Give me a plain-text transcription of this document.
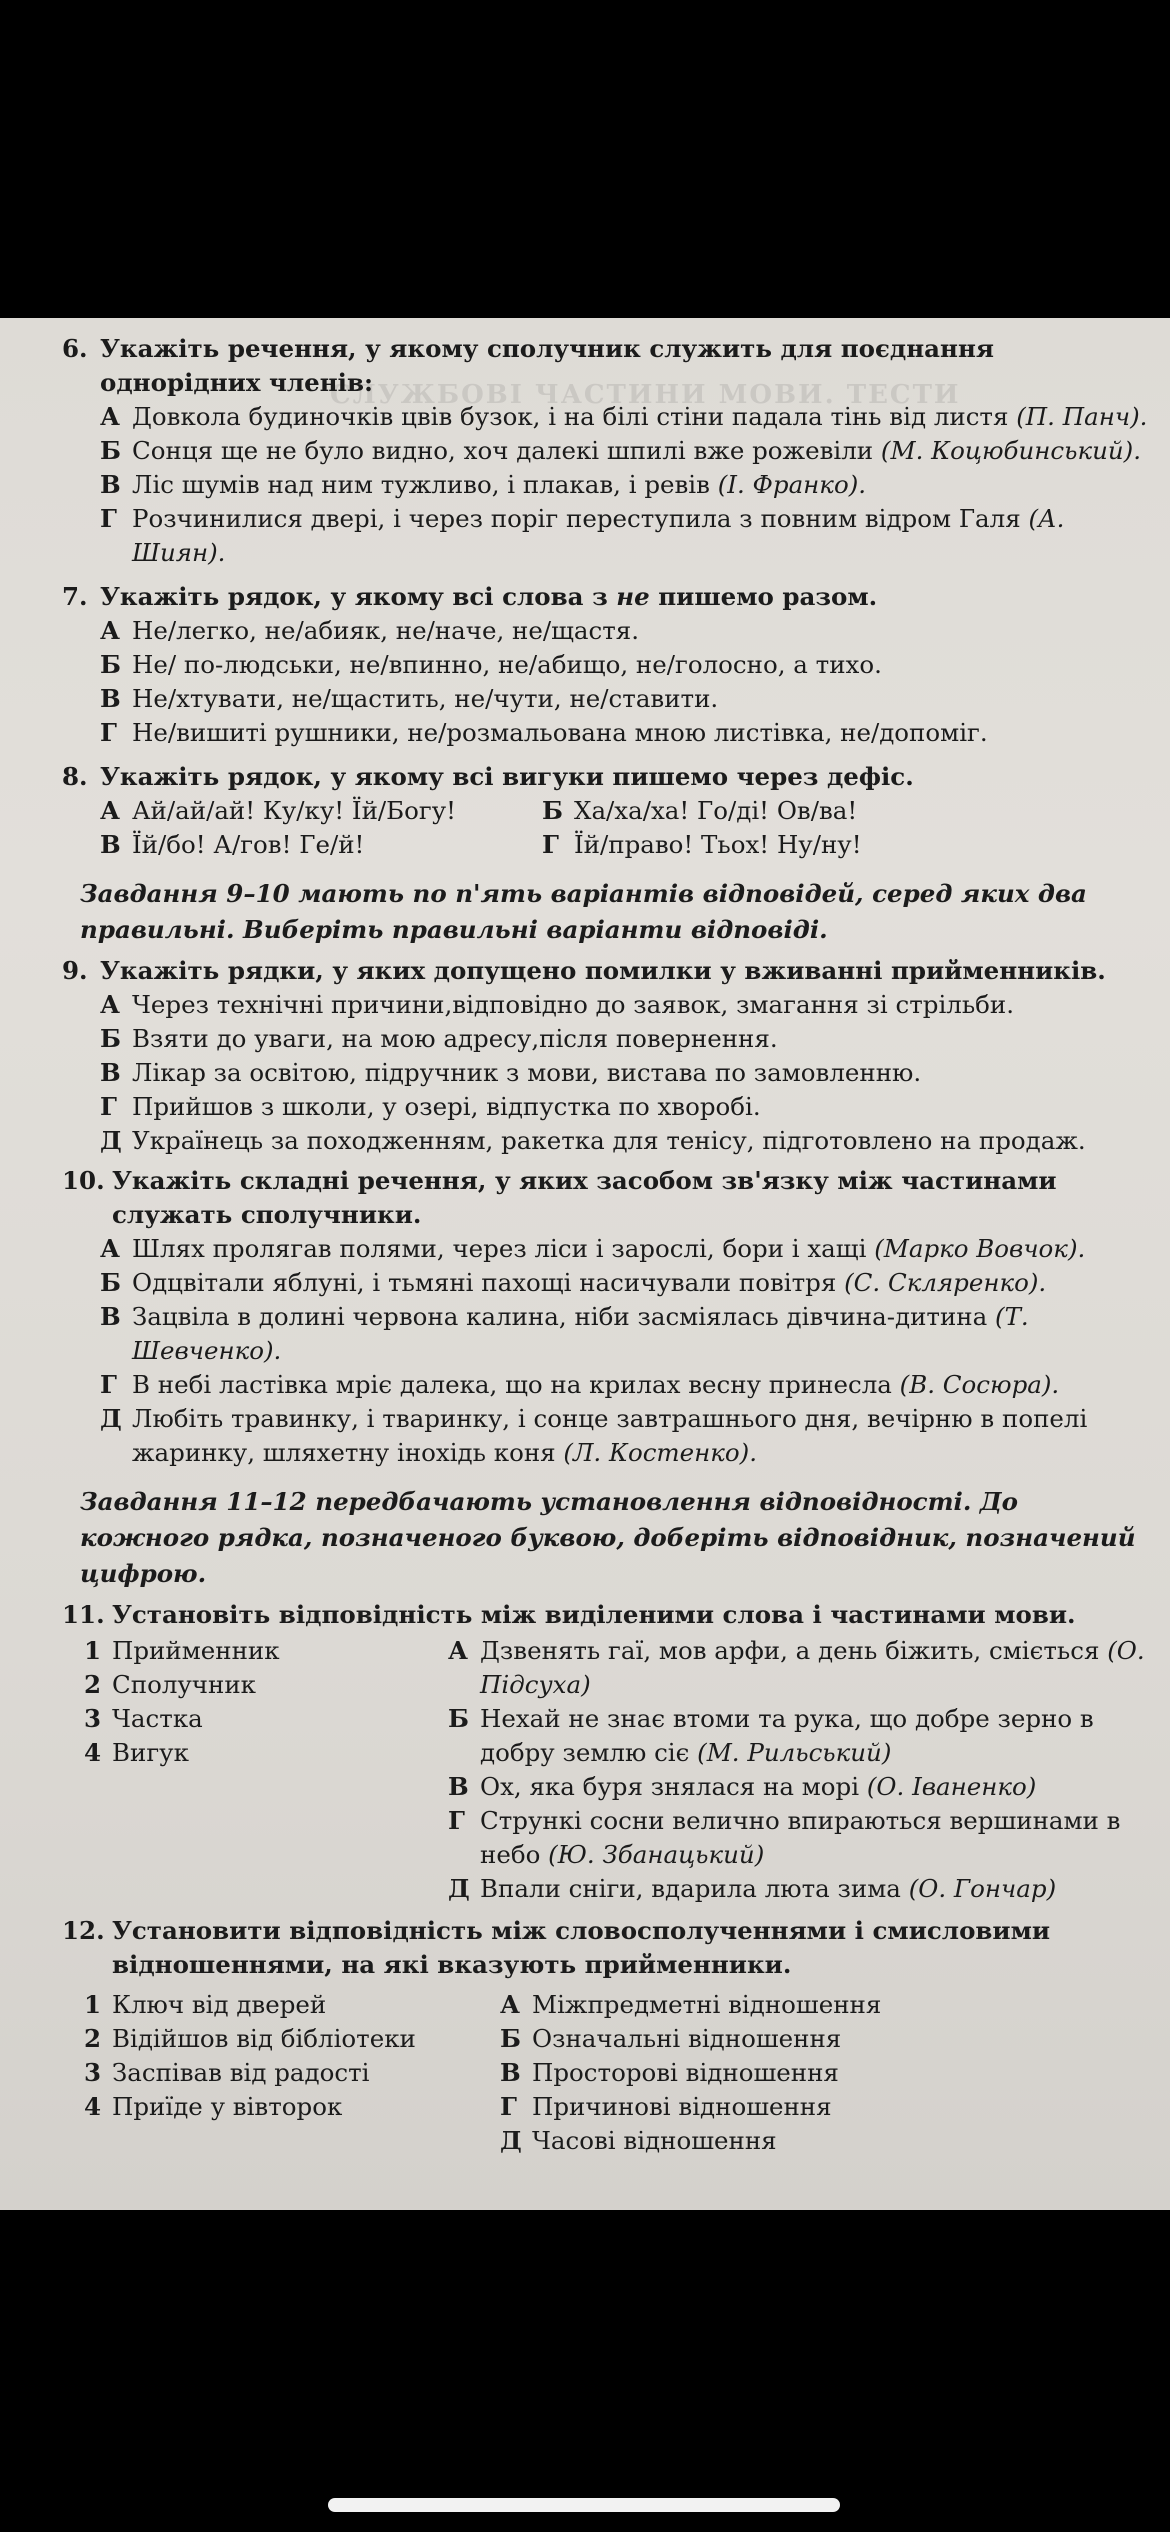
СЛУЖБОВІ ЧАСТИНИ МОВИ. ТЕСТИ
6. Укажіть речення, у якому сполучник служить для поєднання однорідних членів:
А Довкола будиночків цвів бузок, і на білі стіни падала тінь від листя (П. Панч).
Б Сонця ще не було видно, хоч далекі шпилі вже рожевіли (М. Коцюбинський).
В Ліс шумів над ним тужливо, і плакав, і ревів (І. Франко).
Г Розчинилися двері, і через поріг переступила з повним відром Галя (А. Шиян).
7. Укажіть рядок, у якому всі слова з не пишемо разом.
А Не/легко, не/абияк, не/наче, не/щастя.
Б Не/ по-людськи, не/впинно, не/абищо, не/голосно, а тихо.
В Не/хтувати, не/щастить, не/чути, не/ставити.
Г Не/вишиті рушники, не/розмальована мною листівка, не/допоміг.
8. Укажіть рядок, у якому всі вигуки пишемо через дефіс.
А Ай/ай/ай! Ку/ку! Їй/Богу!	Б Ха/ха/ха! Го/ді! Ов/ва!
В Їй/бо! А/гов! Ге/й!	Г Їй/право! Тьох! Ну/ну!
Завдання 9–10 мають по п'ять варіантів відповідей, серед яких два правильні. Виберіть правильні варіанти відповіді.
9. Укажіть рядки, у яких допущено помилки у вживанні прийменників.
А Через технічні причини,відповідно до заявок, змагання зі стрільби.
Б Взяти до уваги, на мою адресу,після повернення.
В Лікар за освітою, підручник з мови, вистава по замовленню.
Г Прийшов з школи, у озері, відпустка по хворобі.
Д Українець за походженням, ракетка для тенісу, підготовлено на продаж.
10. Укажіть складні речення, у яких засобом зв'язку між частинами служать сполучники.
А Шлях пролягав полями, через ліси і зарослі, бори і хащі (Марко Вовчок).
Б Одцвітали яблуні, і тьмяні пахощі насичували повітря (С. Скляренко).
В Зацвіла в долині червона калина, ніби засміялась дівчина-дитина (Т. Шевченко).
Г В небі ластівка мріє далека, що на крилах весну принесла (В. Сосюра).
Д Любіть травинку, і тваринку, і сонце завтрашнього дня, вечірню в попелі жаринку, шляхетну інохідь коня (Л. Костенко).
Завдання 11–12 передбачають установлення відповідності. До кожного рядка, позначеного буквою, доберіть відповідник, позначений цифрою.
11. Установіть відповідність між виділеними слова і частинами мови.
1 Прийменник
2 Сполучник
3 Частка
4 Вигук
А Дзвенять гаї, мов арфи, а день біжить, сміється (О. Підсуха)
Б Нехай не знає втоми та рука, що добре зерно в добру землю сіє (М. Рильський)
В Ох, яка буря знялася на морі (О. Іваненко)
Г Стрункі сосни велично впираються вершинами в небо (Ю. Збанацький)
Д Впали сніги, вдарила люта зима (О. Гончар)
12. Установити відповідність між словосполученнями і смисловими відношеннями, на які вказують прийменники.
1 Ключ від дверей
2 Відійшов від бібліотеки
3 Заспівав від радості
4 Приїде у вівторок
А Міжпредметні відношення
Б Означальні відношення
В Просторові відношення
Г Причинові відношення
Д Часові відношення
